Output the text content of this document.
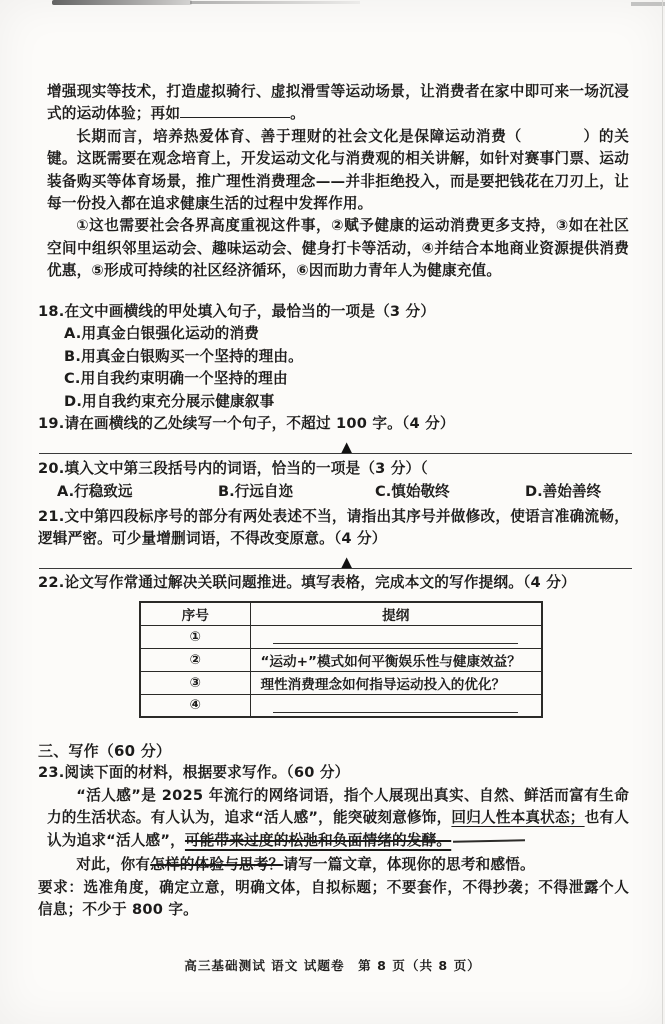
增强现实等技术，打造虚拟骑行、虚拟滑雪等运动场景，让消费者在家中即可来一场沉浸式的运动体验；再如	。

长期而言，培养热爱体育、善于理财的社会文化是保障运动消费（　　　　）的关键。这既需要在观念培育上，开发运动文化与消费观的相关讲解，如针对赛事门票、运动装备购买等体育场景，推广理性消费理念——并非拒绝投入，而是要把钱花在刀刃上，让每一份投入都在追求健康生活的过程中发挥作用。

①这也需要社会各界高度重视这件事，②赋予健康的运动消费更多支持，③如在社区空间中组织邻里运动会、趣味运动会、健身打卡等活动，④并结合本地商业资源提供消费优惠，⑤形成可持续的社区经济循环，⑥因而助力青年人为健康充值。

18.在文中画横线的甲处填入句子，最恰当的一项是（3 分）

A.用真金白银强化运动的消费

B.用真金白银购买一个坚持的理由。

C.用自我约束明确一个坚持的理由

D.用自我约束充分展示健康叙事

19.请在画横线的乙处续写一个句子，不超过 100 字。（4 分）

▲

20.填入文中第三段括号内的词语，恰当的一项是（3 分）（

A.行稳致远	B.行远自迩	C.慎始敬终	D.善始善终

21.文中第四段标序号的部分有两处表述不当，请指出其序号并做修改，使语言准确流畅，逻辑严密。可少量增删词语，不得改变原意。（4 分）

▲

22.论文写作常通过解决关联问题推进。填写表格，完成本文的写作提纲。（4 分）

序号	提纲
①	

②	“运动+”模式如何平衡娱乐性与健康效益？
③	理性消费理念如何指导运动投入的优化？
④	

三、写作（60 分）

23.阅读下面的材料，根据要求写作。（60 分）

“活人感”是 2025 年流行的网络词语，指个人展现出真实、自然、鲜活而富有生命力的生活状态。有人认为，追求“活人感”，能突破刻意修饰，回归人性本真状态；也有人认为追求“活人感”，可能带来过度的松弛和负面情绪的发酵。

对此，你有怎样的体验与思考？请写一篇文章，体现你的思考和感悟。

要求：选准角度，确定立意，明确文体，自拟标题；不要套作，不得抄袭；不得泄露个人信息；不少于 800 字。

高三基础测试 语文 试题卷　第 8 页（共 8 页）
